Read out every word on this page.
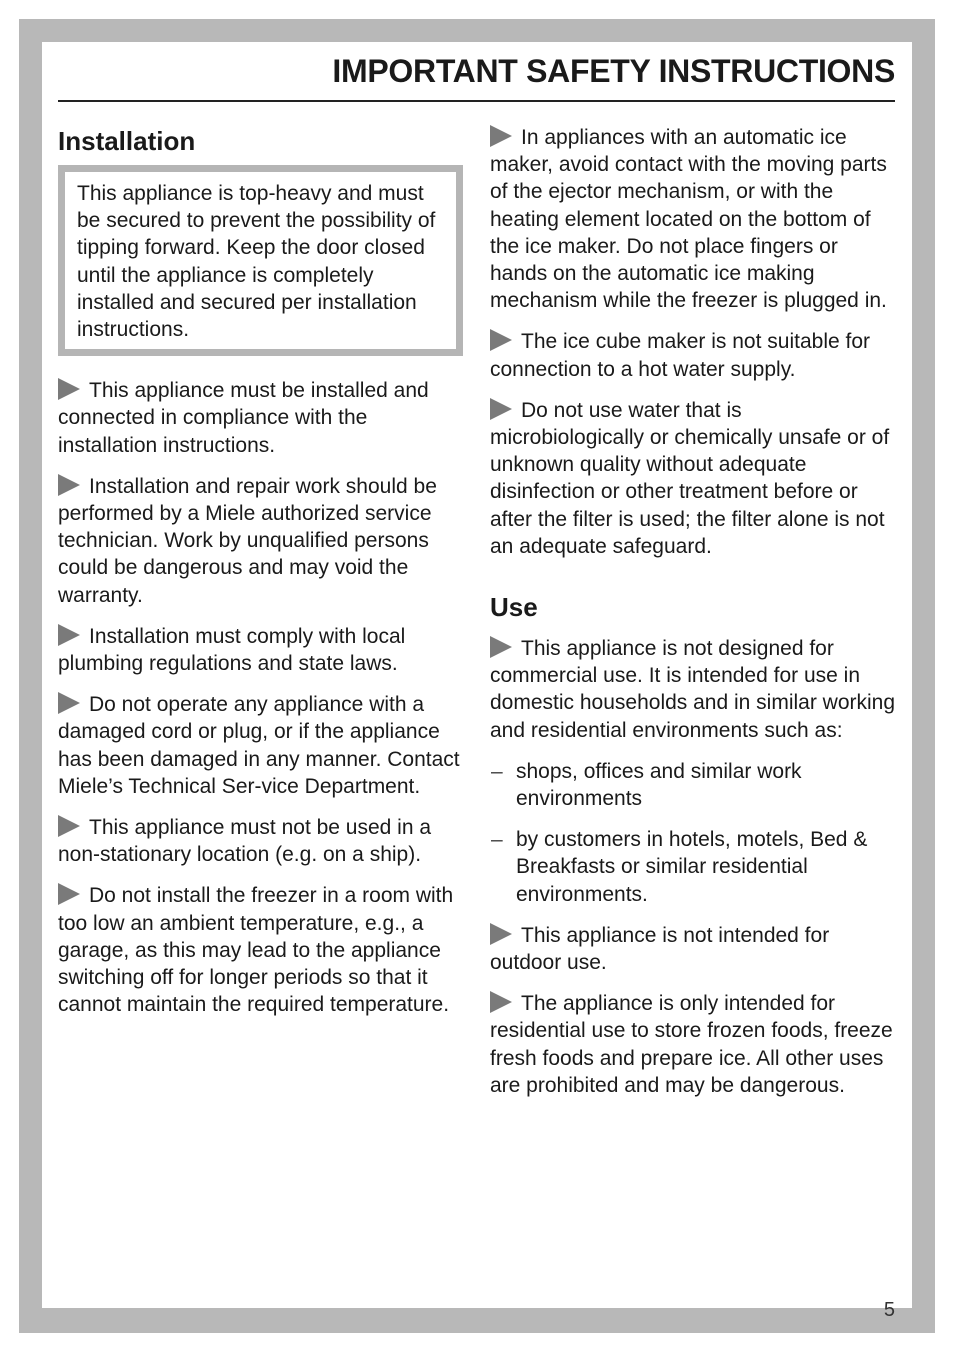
IMPORTANT SAFETY INSTRUCTIONS
Installation
This appliance is top-heavy and must be secured to prevent the possibility of tipping forward. Keep the door closed until the appliance is completely installed and secured per installation instructions.

This appliance must be installed and connected in compliance with the installation instructions.

Installation and repair work should be performed by a Miele authorized service technician. Work by unqualified persons could be dangerous and may void the warranty.

Installation must comply with local plumbing regulations and state laws.

Do not operate any appliance with a damaged cord or plug, or if the appliance has been damaged in any manner. Contact Miele’s Technical Ser-vice Department.

This appliance must not be used in a non-stationary location (e.g. on a ship).

Do not install the freezer in a room with too low an ambient temperature, e.g., a garage, as this may lead to the appliance switching off for longer periods so that it cannot maintain the required temperature.

In appliances with an automatic ice maker, avoid contact with the moving parts of the ejector mechanism, or with the heating element located on the bottom of the ice maker. Do not place fingers or hands on the automatic ice making mechanism while the freezer is plugged in.

The ice cube maker is not suitable for connection to a hot water supply.

Do not use water that is microbiologically or chemically unsafe or of unknown quality without adequate disinfection or other treatment before or after the filter is used; the filter alone is not an adequate safeguard.

Use

This appliance is not designed for commercial use. It is intended for use in domestic households and in similar working and residential environments such as:

– shops, offices and similar work environments
– by customers in hotels, motels, Bed & Breakfasts or similar residential environments.

This appliance is not intended for outdoor use.

The appliance is only intended for residential use to store frozen foods, freeze fresh foods and prepare ice. All other uses are prohibited and may be dangerous.

5
